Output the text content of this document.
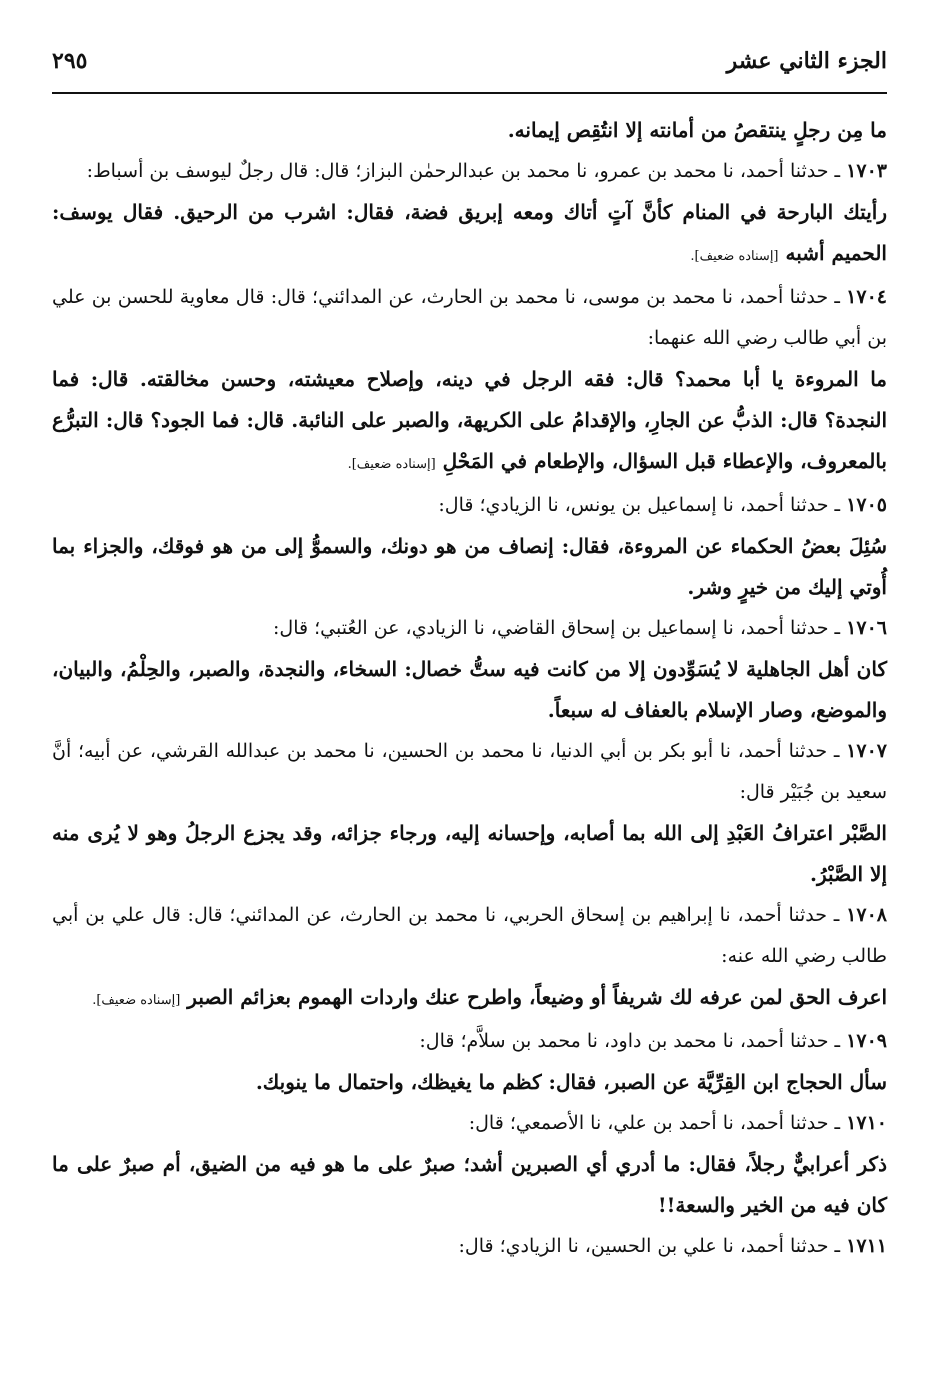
الجزء الثاني عشر
٢٩٥

ما مِن رجلٍ ينتقصُ من أمانته إلا انتُقِص إيمانه.

١٧٠٣ ـ حدثنا أحمد، نا محمد بن عمرو، نا محمد بن عبدالرحمٰن البزاز؛ قال: قال رجلٌ ليوسف بن أسباط:

رأيتك البارحة في المنام كأنَّ آتٍ أتاك ومعه إبريق فضة، فقال: اشرب من الرحيق. فقال يوسف: الحميم أشبه [إسناده ضعيف].

١٧٠٤ ـ حدثنا أحمد، نا محمد بن موسى، نا محمد بن الحارث، عن المدائني؛ قال: قال معاوية للحسن بن علي بن أبي طالب رضي الله عنهما:

ما المروءة يا أبا محمد؟ قال: فقه الرجل في دينه، وإصلاح معيشته، وحسن مخالقته. قال: فما النجدة؟ قال: الذبُّ عن الجارِ، والإقدامُ على الكريهة، والصبر على النائبة. قال: فما الجود؟ قال: التبرُّع بالمعروف، والإعطاء قبل السؤال، والإطعام في المَحْلِ [إسناده ضعيف].

١٧٠٥ ـ حدثنا أحمد، نا إسماعيل بن يونس، نا الزيادي؛ قال:

سُئِلَ بعضُ الحكماء عن المروءة، فقال: إنصاف من هو دونك، والسموُّ إلى من هو فوقك، والجزاء بما أُوتي إليك من خيرٍ وشر.

١٧٠٦ ـ حدثنا أحمد، نا إسماعيل بن إسحاق القاضي، نا الزيادي، عن العُتبي؛ قال:

كان أهل الجاهلية لا يُسَوِّدون إلا من كانت فيه ستُّ خصال: السخاء، والنجدة، والصبر، والحِلْمُ، والبيان، والموضع، وصار الإسلام بالعفاف له سبعاً.

١٧٠٧ ـ حدثنا أحمد، نا أبو بكر بن أبي الدنيا، نا محمد بن الحسين، نا محمد بن عبدالله القرشي، عن أبيه؛ أنَّ سعيد بن جُبَيْر قال:

الصَّبْر اعترافُ العَبْدِ إلى الله بما أصابه، وإحسانه إليه، ورجاء جزائه، وقد يجزع الرجلُ وهو لا يُرى منه إلا الصَّبْرُ.

١٧٠٨ ـ حدثنا أحمد، نا إبراهيم بن إسحاق الحربي، نا محمد بن الحارث، عن المدائني؛ قال: قال علي بن أبي طالب رضي الله عنه:

اعرف الحق لمن عرفه لك شريفاً أو وضيعاً، واطرح عنك واردات الهموم بعزائم الصبر [إسناده ضعيف].

١٧٠٩ ـ حدثنا أحمد، نا محمد بن داود، نا محمد بن سلاَّم؛ قال:

سأل الحجاج ابن القِرِّيَّة عن الصبر، فقال: كظم ما يغيظك، واحتمال ما ينوبك.

١٧١٠ ـ حدثنا أحمد، نا أحمد بن علي، نا الأصمعي؛ قال:

ذكر أعرابيٌّ رجلاً، فقال: ما أدري أي الصبرين أشد؛ صبرٌ على ما هو فيه من الضيق، أم صبرٌ على ما كان فيه من الخير والسعة!!

١٧١١ ـ حدثنا أحمد، نا علي بن الحسين، نا الزيادي؛ قال:
